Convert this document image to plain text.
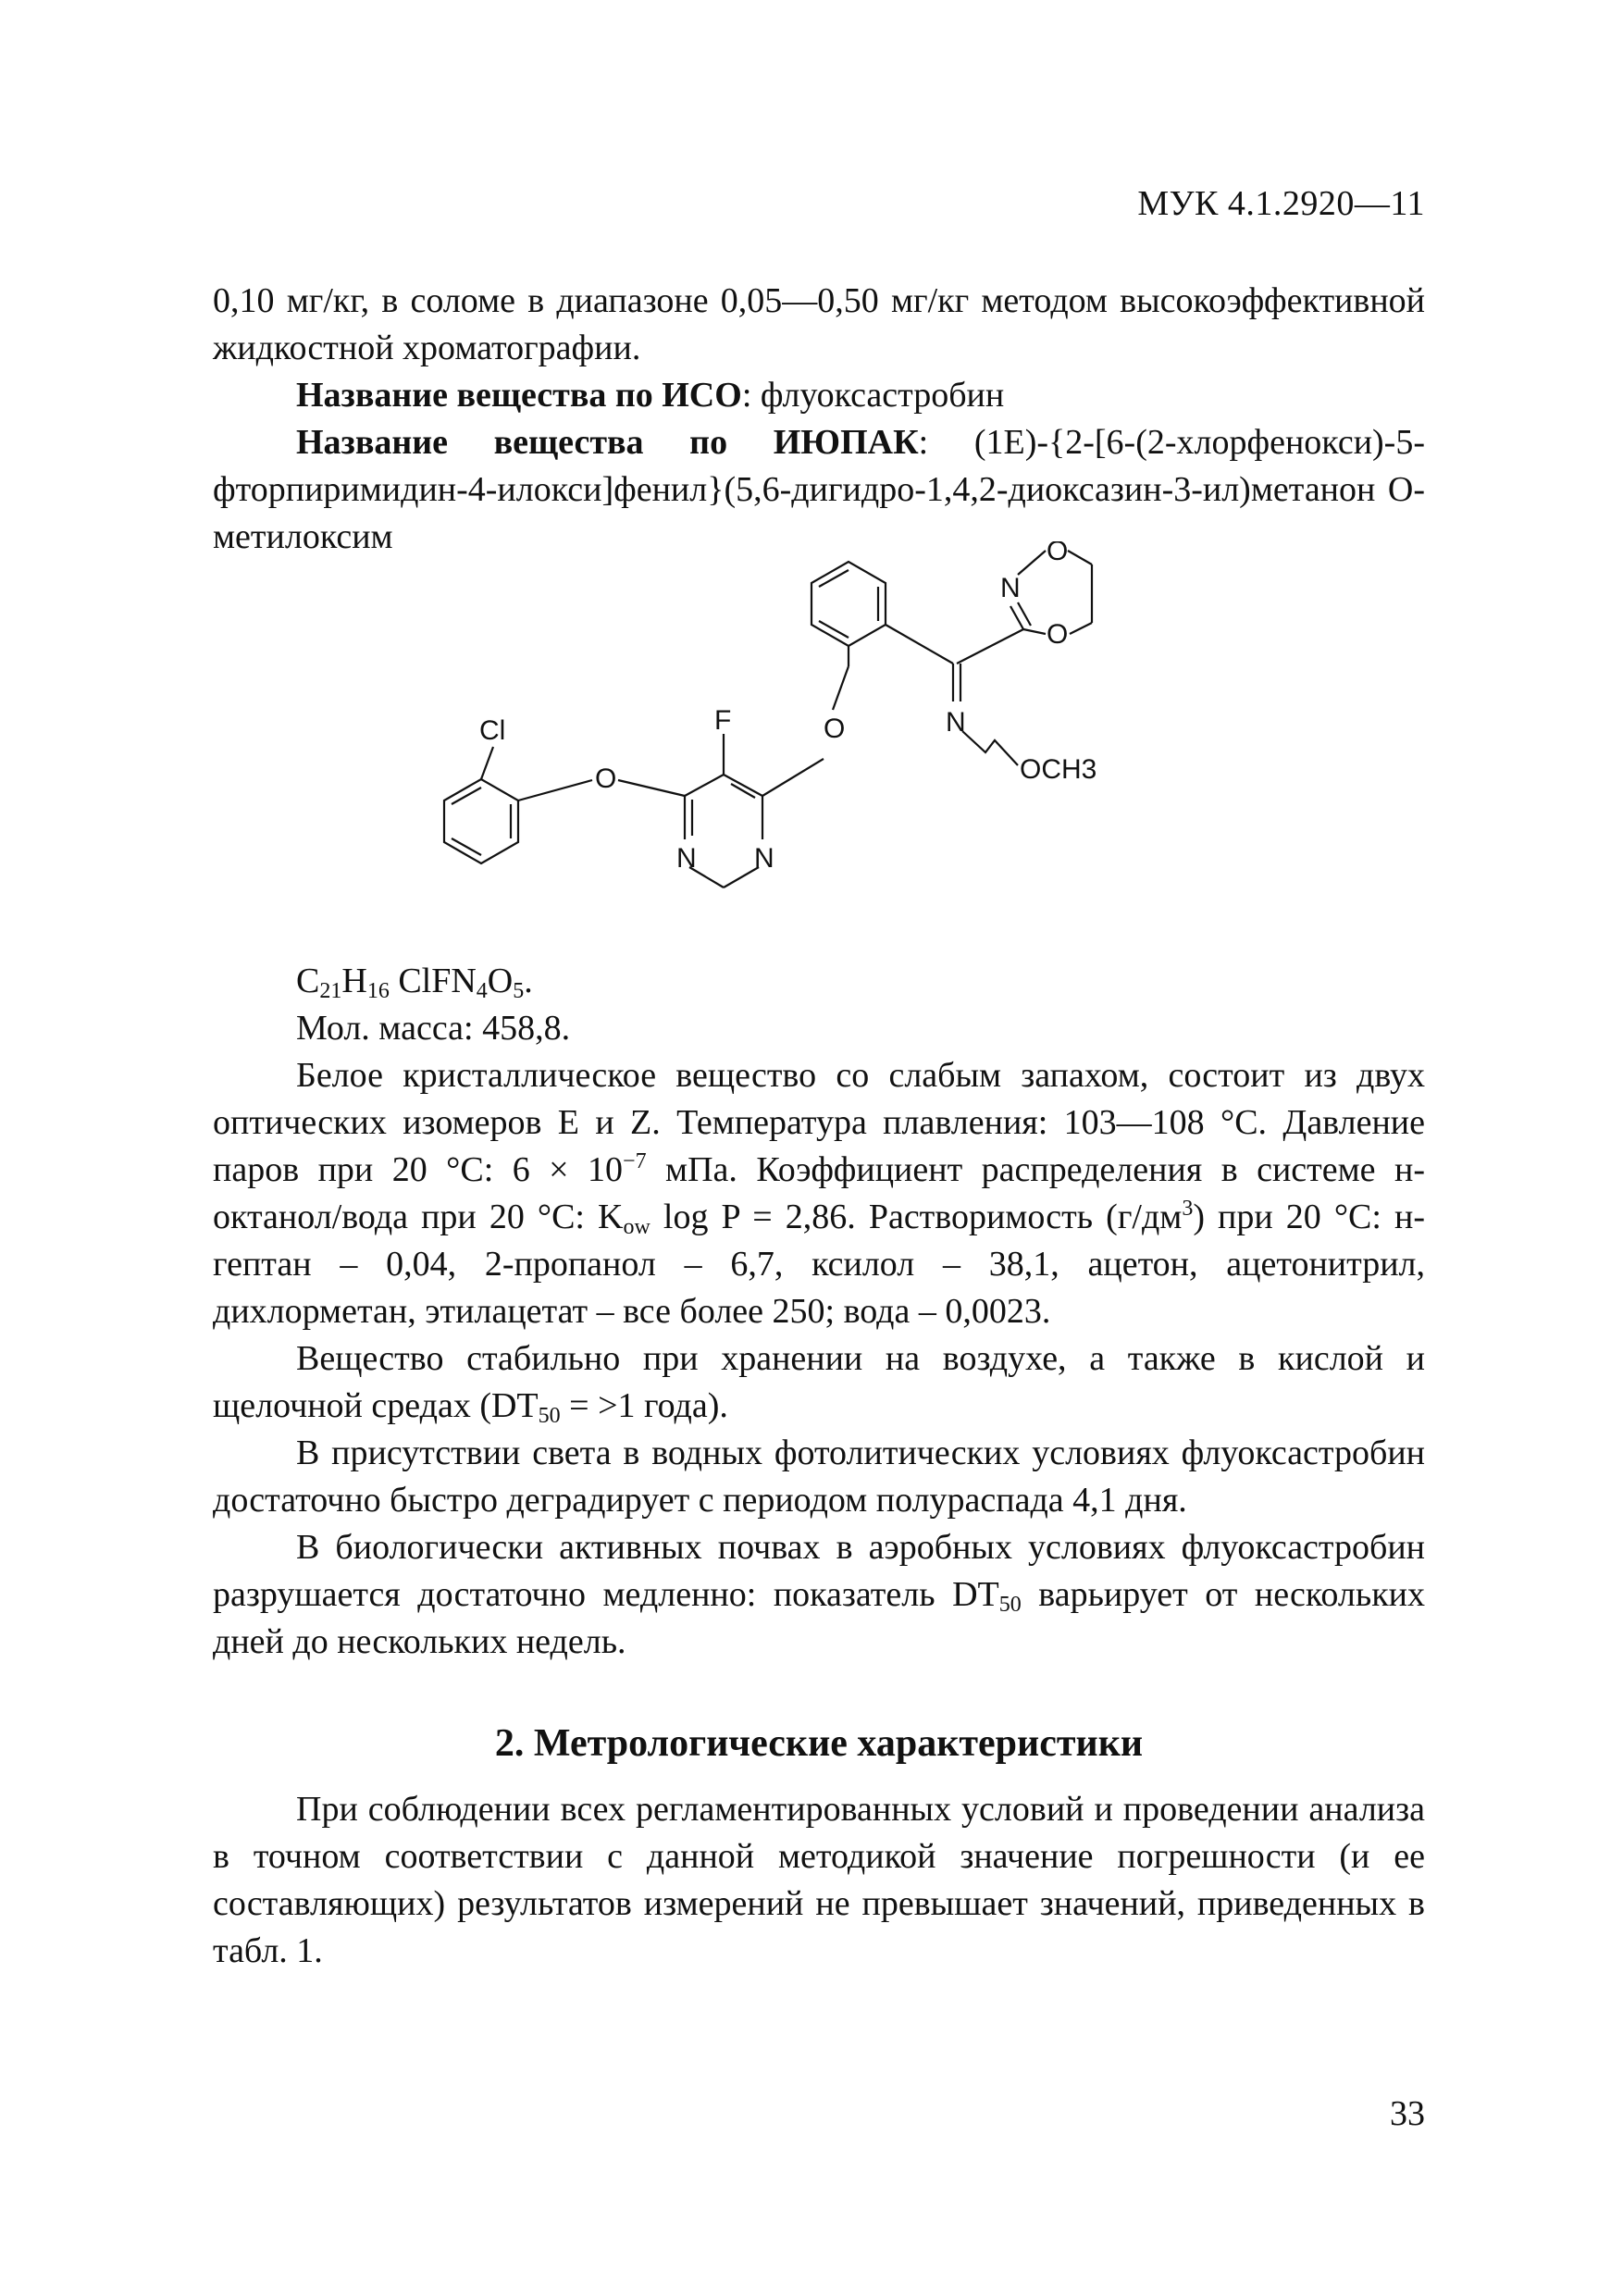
МУК 4.1.2920—11

0,10 мг/кг, в соломе в диапазоне 0,05—0,50 мг/кг методом высокоэффективной жидкостной хроматографии.

Название вещества по ИСО: флуоксастробин

Название вещества по ИЮПАК: (1E)-{2-[6-(2-хлорфенокси)-5-фторпиримидин-4-илокси]фенил}(5,6-дигидро-1,4,2-диоксазин-3-ил)метанон O-метилоксим

Cl
O
N N
F	O	N
OCH3
N
O
O

$C_{21}H_{16}$ $ClFN_4O_5$.

Мол. масса: 458,8.

Белое кристаллическое вещество со слабым запахом, состоит из двух оптических изомеров E и Z. Температура плавления: 103—108 °С. Давление паров при 20 °С: $6 \times 10^{-7}$ мПа. Коэффициент распределения в системе н-октанол/вода при 20 °С: $K_{ow}$ log P = 2,86. Растворимость $(г/дм^3)$ при 20 °С: н-гептан – 0,04, 2-пропанол – 6,7, ксилол – 38,1, ацетон, ацетонитрил, дихлорметан, этилацетат – все более 250; вода – 0,0023.

Вещество стабильно при хранении на воздухе, а также в кислой и щелочной средах ($DT_{50} = >1$ года).

В присутствии света в водных фотолитических условиях флуоксастробин достаточно быстро деградирует с периодом полураспада 4,1 дня.

В биологически активных почвах в аэробных условиях флуоксастробин разрушается достаточно медленно: показатель $DT_{50}$ варьирует от нескольких дней до нескольких недель.

2. Метрологические характеристики

При соблюдении всех регламентированных условий и проведении анализа в точном соответствии с данной методикой значение погрешности (и ее составляющих) результатов измерений не превышает значений, приведенных в табл. 1.

33
